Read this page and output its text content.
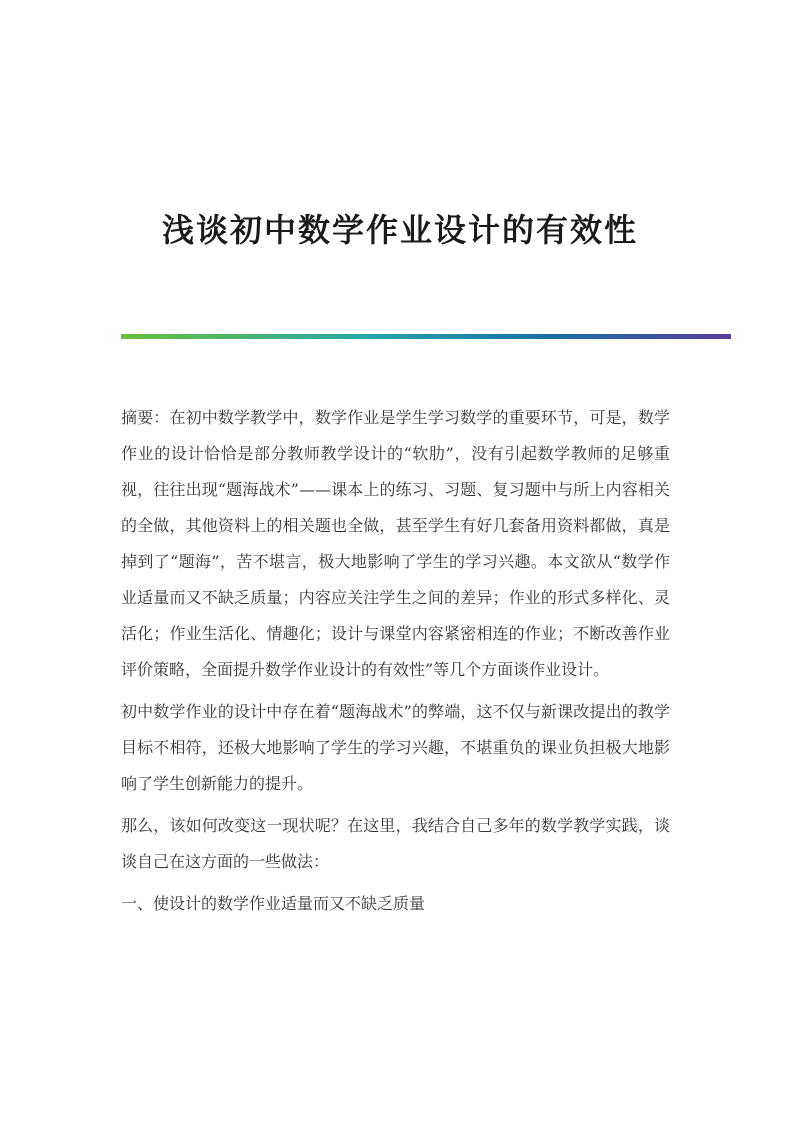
浅谈初中数学作业设计的有效性

摘要：在初中数学教学中，数学作业是学生学习数学的重要环节，可是，数学作业的设计恰恰是部分教师教学设计的“软肋”，没有引起数学教师的足够重视，往往出现“题海战术”——课本上的练习、习题、复习题中与所上内容相关的全做，其他资料上的相关题也全做，甚至学生有好几套备用资料都做，真是掉到了“题海”，苦不堪言，极大地影响了学生的学习兴趣。本文欲从“数学作业适量而又不缺乏质量；内容应关注学生之间的差异；作业的形式多样化、灵活化；作业生活化、情趣化；设计与课堂内容紧密相连的作业；不断改善作业评价策略，全面提升数学作业设计的有效性”等几个方面谈作业设计。

初中数学作业的设计中存在着“题海战术”的弊端，这不仅与新课改提出的教学目标不相符，还极大地影响了学生的学习兴趣，不堪重负的课业负担极大地影响了学生创新能力的提升。

那么，该如何改变这一现状呢？在这里，我结合自己多年的数学教学实践，谈谈自己在这方面的一些做法：

一、使设计的数学作业适量而又不缺乏质量
